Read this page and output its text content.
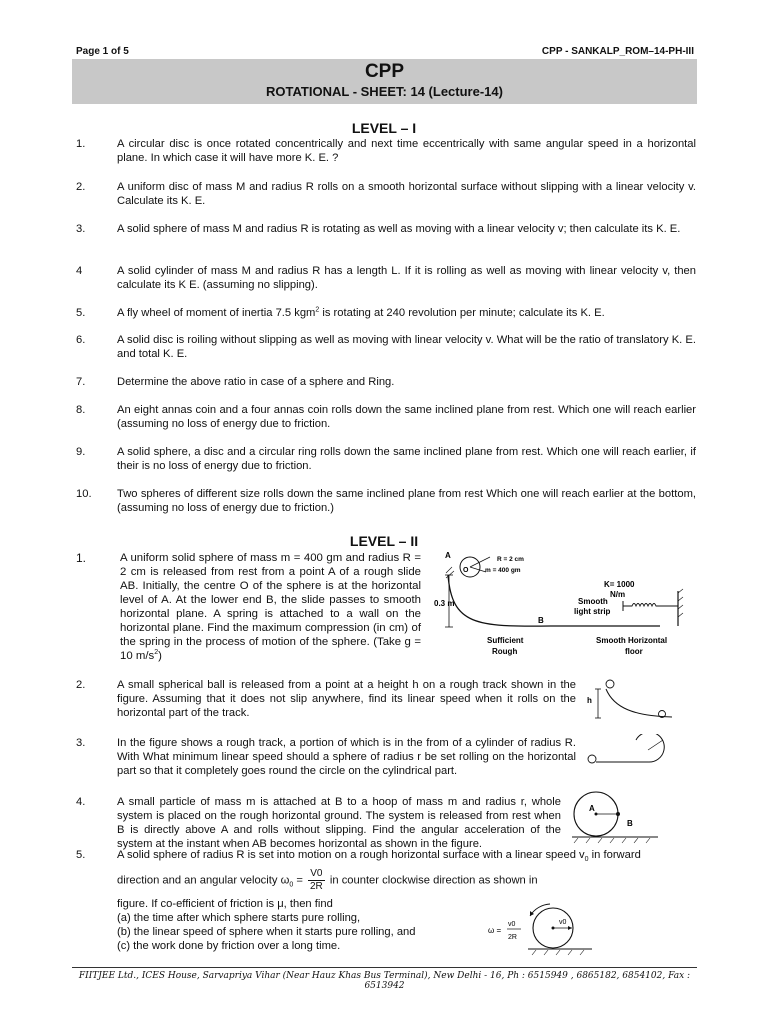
Page 1 of 5	CPP - SANKALP_ROM–14-PH-III
CPP
ROTATIONAL - SHEET: 14 (Lecture-14)
LEVEL – I
1.	A circular disc is once rotated concentrically and next time eccentrically with same angular speed in a horizontal plane. In which case it will have more K. E. ?
2.	A uniform disc of mass M and radius R rolls on a smooth horizontal surface without slipping with a linear velocity v. Calculate its K. E.
3.	A solid sphere of mass M and radius R is rotating as well as moving with a linear velocity v; then calculate its K. E.
4	A solid cylinder of mass M and radius R has a length L. If it is rolling as well as moving with linear velocity v, then calculate its K E. (assuming no slipping).
5.	A fly wheel of moment of inertia 7.5 kgm$^2$ is rotating at 240 revolution per minute; calculate its K. E.
6.	A solid disc is roiling without slipping as well as moving with linear velocity v. What will be the ratio of translatory K. E. and total K. E.
7.	Determine the above ratio in case of a sphere and Ring.
8.	An eight annas coin and a four annas coin rolls down the same inclined plane from rest. Which one will reach earlier (assuming no loss of energy due to friction.
9.	A solid sphere, a disc and a circular ring rolls down the same inclined plane from rest. Which one will reach earlier, if their is no loss of energy due to friction.
10. Two spheres of different size rolls down the same inclined plane from rest Which one will reach earlier at the bottom, (assuming no loss of energy due to friction.)
LEVEL – II
1.	A uniform solid sphere of mass m = 400 gm and radius R = 2 cm is released from rest from a point A of a rough slide AB. Initially, the centre O of the sphere is at the horizontal level of A. At the lower end B, the slide passes to smooth horizontal plane. A spring is attached to a wall on the horizontal plane. Find the maximum compression (in cm) of the spring in the process of motion of the sphere. (Take g = 10 $m/s^2$)
A
O
R = 2 cm
m = 400 gm
0.3 m
B
Sufficient
Rough
K= 1000
N/m
Smooth
light strip
Smooth Horizontal
floor
2.	A small spherical ball is released from a point at a height h on a rough track shown in the figure. Assuming that it does not slip anywhere, find its linear speed when it rolls on the horizontal part of the track.
h
3.	In the figure shows a rough track, a portion of which is in the from of a cylinder of radius R. With What minimum linear speed should a sphere of radius r be set rolling on the horizontal part so that it completely goes round the circle on the cylindrical part.
4.	A small particle of mass m is attached at B to a hoop of mass m and radius r, whole system is placed on the rough horizontal ground. The system is released from rest when B is directly above A and rolls without slipping. Find the angular acceleration of the system at the instant when AB becomes horizontal as shown in the figure.
A
B
5.	A solid sphere of radius R is set into motion on a rough horizontal surface with a linear speed $v_0$ in forward
direction and an angular velocity $\omega_0 = \frac{V0}{2R}$ in counter clockwise direction as shown in
figure. If co-efficient of friction is μ, then find
(a) the time after which sphere starts pure rolling,
(b) the linear speed of sphere when it starts pure rolling, and
(c) the work done by friction over a long time.
ω =
v0
2R
v0
FIITJEE Ltd., ICES House, Sarvapriya Vihar (Near Hauz Khas Bus Terminal), New Delhi - 16, Ph : 6515949 , 6865182, 6854102, Fax : 6513942
